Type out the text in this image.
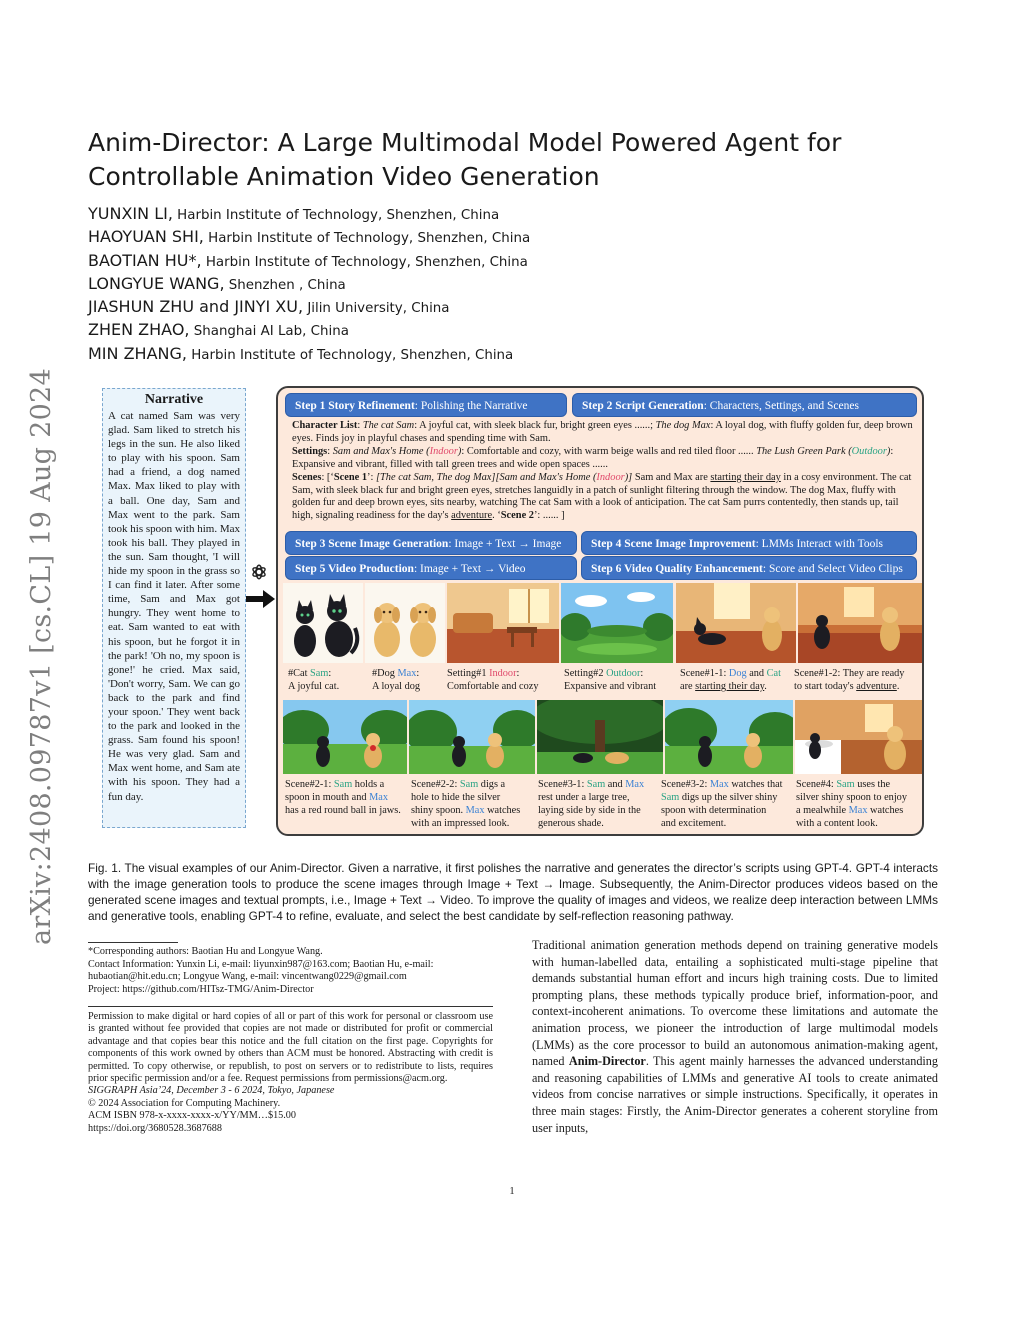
arXiv:2408.09787v1 [cs.CL] 19 Aug 2024
Anim-Director: A Large Multimodal Model Powered Agent for
Controllable Animation Video Generation
YUNXIN LI, Harbin Institute of Technology, Shenzhen, China
HAOYUAN SHI, Harbin Institute of Technology, Shenzhen, China
BAOTIAN HU*, Harbin Institute of Technology, Shenzhen, China
LONGYUE WANG, Shenzhen , China
JIASHUN ZHU and JINYI XU, Jilin University, China
ZHEN ZHAO, Shanghai AI Lab, China
MIN ZHANG, Harbin Institute of Technology, Shenzhen, China
Narrative
A cat named Sam was very glad. Sam liked to stretch his legs in the sun. He also liked to play with his spoon. Sam had a friend, a dog named Max. Max liked to play with a ball. One day, Sam and Max went to the park. Sam took his spoon with him. Max took his ball. They played in the sun. Sam thought, 'I will hide my spoon in the grass so I can find it later. After some time, Sam and Max got hungry. They went home to eat. Sam wanted to eat with his spoon, but he forgot it in the park! 'Oh no, my spoon is gone!' he cried. Max said, 'Don't worry, Sam. We can go back to the park and find your spoon.' They went back to the park and looked in the grass. Sam found his spoon! He was very glad. Sam and Max went home, and Sam ate with his spoon. They had a fun day.
Step 1 Story Refinement: Polishing the Narrative	Step 2 Script Generation: Characters, Settings, and Scenes
Character List: The cat Sam: A joyful cat, with sleek black fur, bright green eyes ......; The dog Max: A loyal dog, with fluffy golden fur, deep brown eyes. Finds joy in playful chases and spending time with Sam.
Settings: Sam and Max's Home (Indoor): Comfortable and cozy, with warm beige walls and red tiled floor ...... The Lush Green Park (Outdoor): Expansive and vibrant, filled with tall green trees and wide open spaces ......
Scenes: [‘Scene 1’: [The cat Sam, The dog Max][Sam and Max's Home (Indoor)] Sam and Max are starting their day in a cosy environment. The cat Sam, with sleek black fur and bright green eyes, stretches languidly in a patch of sunlight filtering through the window. The dog Max, fluffy with golden fur and deep brown eyes, sits nearby, watching The cat Sam with a look of anticipation. The cat Sam purrs contentedly, then stands up, tail high, signaling readiness for the day's adventure. ‘Scene 2’: ...... ]
Step 3 Scene Image Generation: Image + Text → Image	Step 4 Scene Image Improvement: LMMs Interact with Tools
Step 5 Video Production: Image + Text → Video	Step 6 Video Quality Enhancement: Score and Select Video Clips
#Cat Sam:
A joyful cat.
#Dog Max:
A loyal dog
Setting#1 Indoor:
Comfortable and cozy
Setting#2 Outdoor:
Expansive and vibrant
Scene#1-1: Dog and Cat
are starting their day.
Scene#1-2: They are ready
to start today's adventure.
Scene#2-1: Sam holds a
spoon in mouth and Max
has a red round ball in jaws.
Scene#2-2: Sam digs a
hole to hide the silver
shiny spoon. Max watches
with an impressed look.
Scene#3-1: Sam and Max
rest under a large tree,
laying side by side in the
generous shade.
Scene#3-2: Max watches that
Sam digs up the silver shiny
spoon with determination
and excitement.
Scene#4: Sam uses the
silver shiny spoon to enjoy
a mealwhile Max watches
with a content look.
Fig. 1. The visual examples of our Anim-Director. Given a narrative, it first polishes the narrative and generates the director’s scripts using GPT-4. GPT-4 interacts with the image generation tools to produce the scene images through Image + Text → Image. Subsequently, the Anim-Director produces videos based on the generated scene images and textual prompts, i.e., Image + Text → Video. To improve the quality of images and videos, we realize deep interaction between LMMs and generative tools, enabling GPT-4 to refine, evaluate, and select the best candidate by self-reflection reasoning pathway.
*Corresponding authors: Baotian Hu and Longyue Wang.
Contact Information: Yunxin Li, e-mail: liyunxin987@163.com; Baotian Hu, e-mail: hubaotian@hit.edu.cn; Longyue Wang, e-mail: vincentwang0229@gmail.com
Project: https://github.com/HITsz-TMG/Anim-Director
Permission to make digital or hard copies of all or part of this work for personal or classroom use is granted without fee provided that copies are not made or distributed for profit or commercial advantage and that copies bear this notice and the full citation on the first page. Copyrights for components of this work owned by others than ACM must be honored. Abstracting with credit is permitted. To copy otherwise, or republish, to post on servers or to redistribute to lists, requires prior specific permission and/or a fee. Request permissions from permissions@acm.org.
SIGGRAPH Asia’24, December 3 - 6 2024, Tokyo, Japanese
© 2024 Association for Computing Machinery.
ACM ISBN 978-x-xxxx-xxxx-x/YY/MM…$15.00
https://doi.org/3680528.3687688
Traditional animation generation methods depend on training generative models with human-labelled data, entailing a sophisticated multi-stage pipeline that demands substantial human effort and incurs high training costs. Due to limited prompting plans, these methods typically produce brief, information-poor, and context-incoherent animations. To overcome these limitations and automate the animation process, we pioneer the introduction of large multimodal models (LMMs) as the core processor to build an autonomous animation-making agent, named Anim-Director. This agent mainly harnesses the advanced understanding and reasoning capabilities of LMMs and generative AI tools to create animated videos from concise narratives or simple instructions. Specifically, it operates in three main stages: Firstly, the Anim-Director generates a coherent storyline from user inputs,
1
